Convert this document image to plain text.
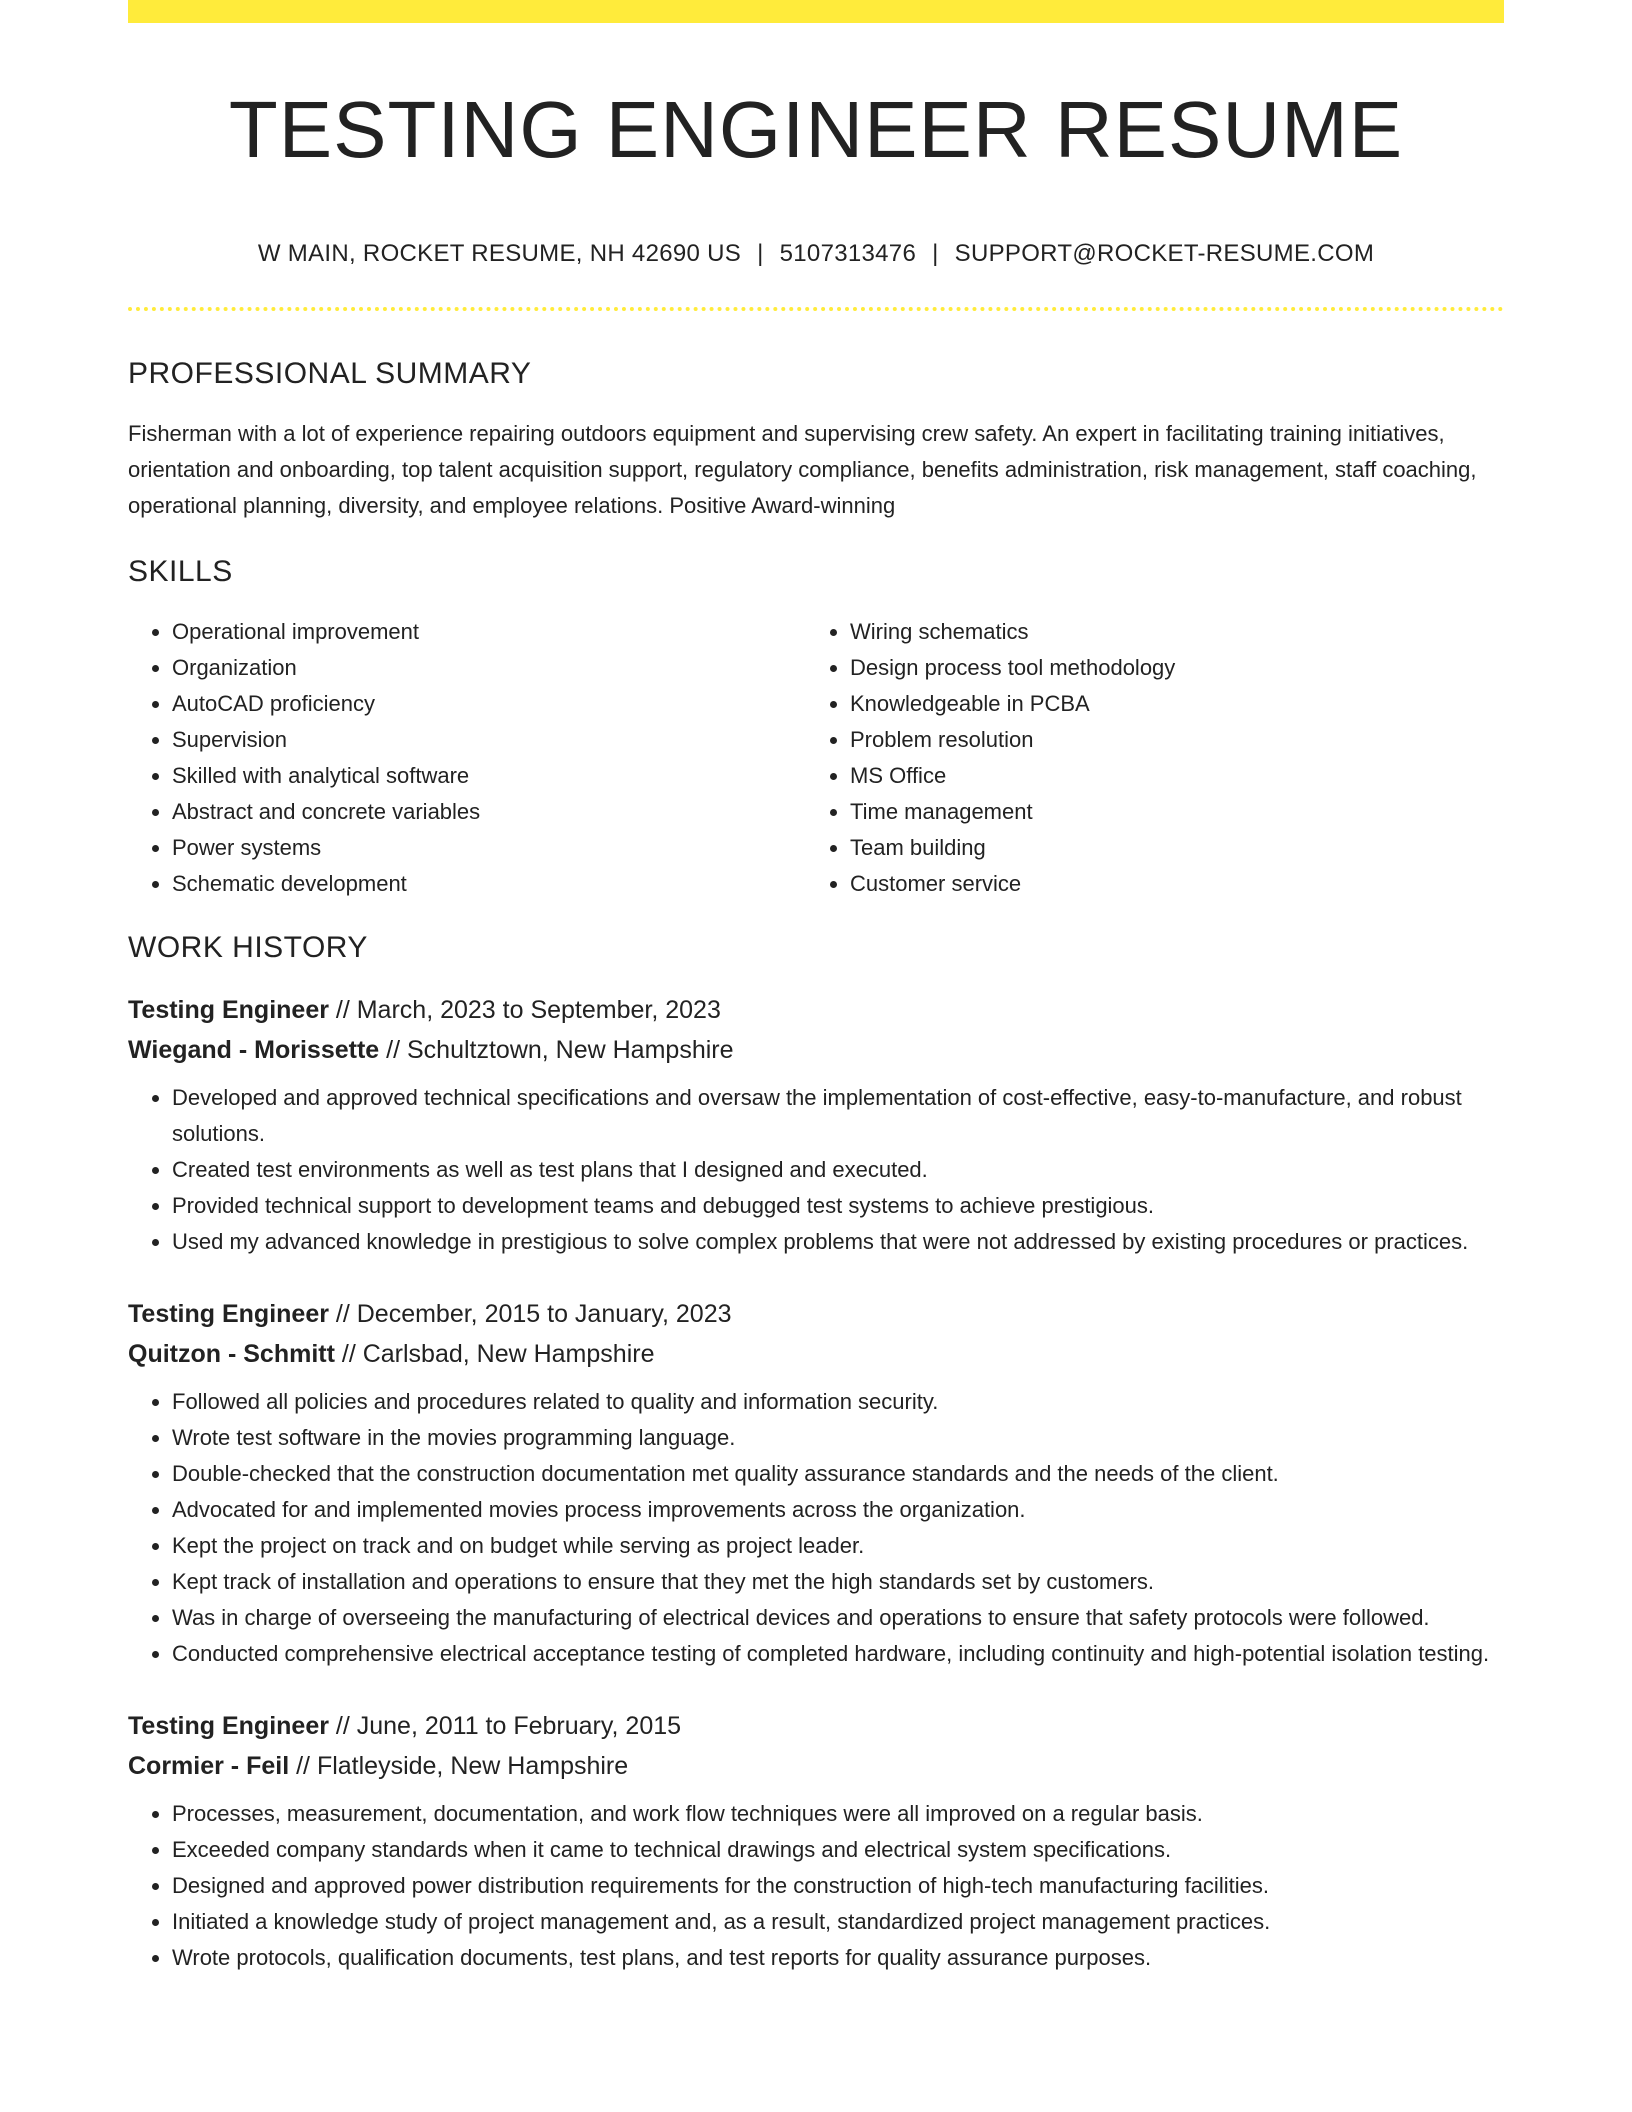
TESTING ENGINEER RESUME
W MAIN, ROCKET RESUME, NH 42690 US | 5107313476 | SUPPORT@ROCKET-RESUME.COM
PROFESSIONAL SUMMARY

Fisherman with a lot of experience repairing outdoors equipment and supervising crew safety. An expert in facilitating training initiatives, orientation and onboarding, top talent acquisition support, regulatory compliance, benefits administration, risk management, staff coaching, operational planning, diversity, and employee relations. Positive Award-winning

SKILLS
• Operational improvement
• Organization
• AutoCAD proficiency
• Supervision
• Skilled with analytical software
• Abstract and concrete variables
• Power systems
• Schematic development
• Wiring schematics
• Design process tool methodology
• Knowledgeable in PCBA
• Problem resolution
• MS Office
• Time management
• Team building
• Customer service
WORK HISTORY
Testing Engineer // March, 2023 to September, 2023
Wiegand - Morissette // Schultztown, New Hampshire
• Developed and approved technical specifications and oversaw the implementation of cost-effective, easy-to-manufacture, and robust solutions.
• Created test environments as well as test plans that I designed and executed.
• Provided technical support to development teams and debugged test systems to achieve prestigious.
• Used my advanced knowledge in prestigious to solve complex problems that were not addressed by existing procedures or practices.
Testing Engineer // December, 2015 to January, 2023
Quitzon - Schmitt // Carlsbad, New Hampshire
• Followed all policies and procedures related to quality and information security.
• Wrote test software in the movies programming language.
• Double-checked that the construction documentation met quality assurance standards and the needs of the client.
• Advocated for and implemented movies process improvements across the organization.
• Kept the project on track and on budget while serving as project leader.
• Kept track of installation and operations to ensure that they met the high standards set by customers.
• Was in charge of overseeing the manufacturing of electrical devices and operations to ensure that safety protocols were followed.
• Conducted comprehensive electrical acceptance testing of completed hardware, including continuity and high-potential isolation testing.
Testing Engineer // June, 2011 to February, 2015
Cormier - Feil // Flatleyside, New Hampshire
• Processes, measurement, documentation, and work flow techniques were all improved on a regular basis.
• Exceeded company standards when it came to technical drawings and electrical system specifications.
• Designed and approved power distribution requirements for the construction of high-tech manufacturing facilities.
• Initiated a knowledge study of project management and, as a result, standardized project management practices.
• Wrote protocols, qualification documents, test plans, and test reports for quality assurance purposes.
